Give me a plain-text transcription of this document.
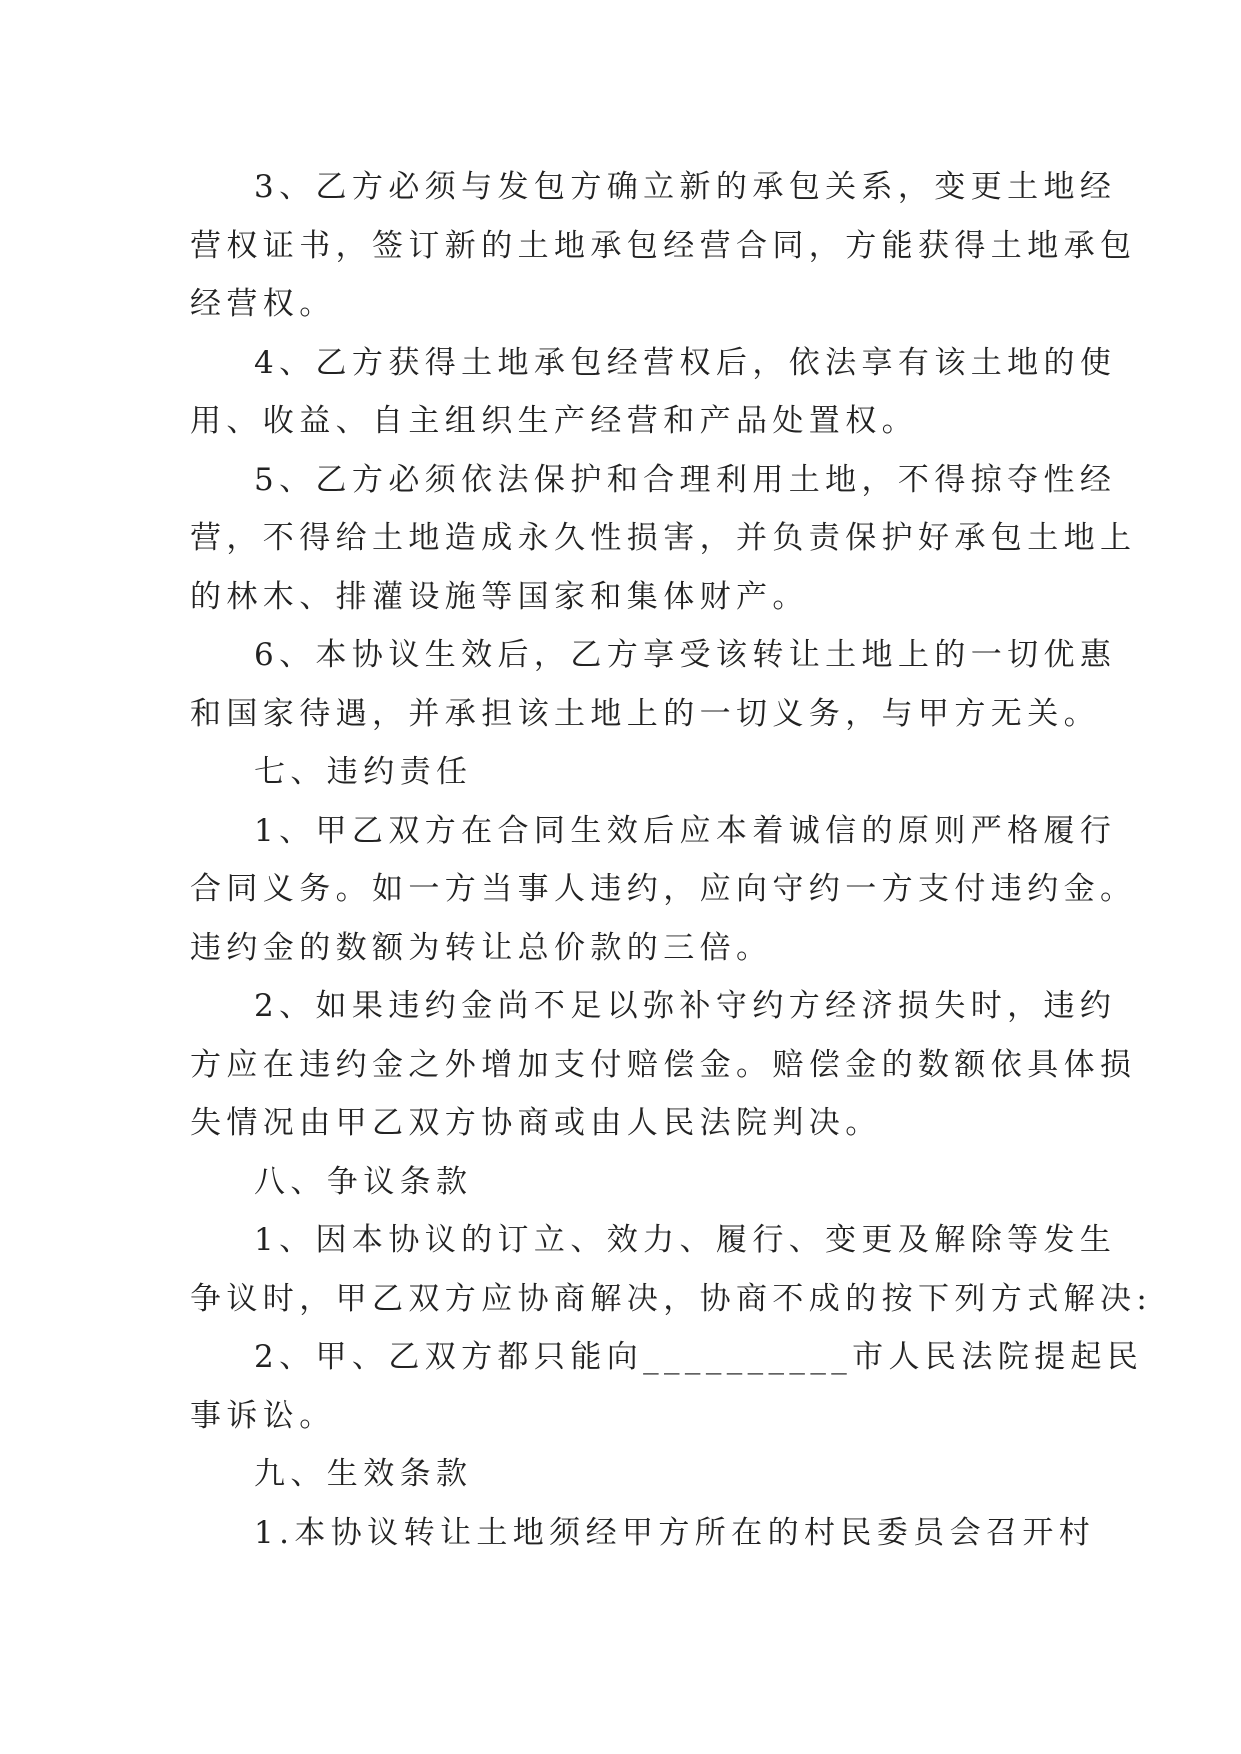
3、乙方必须与发包方确立新的承包关系，变更土地经
营权证书，签订新的土地承包经营合同，方能获得土地承包
经营权。
4、乙方获得土地承包经营权后，依法享有该土地的使
用、收益、自主组织生产经营和产品处置权。
5、乙方必须依法保护和合理利用土地，不得掠夺性经
营，不得给土地造成永久性损害，并负责保护好承包土地上
的林木、排灌设施等国家和集体财产。
6、本协议生效后，乙方享受该转让土地上的一切优惠
和国家待遇，并承担该土地上的一切义务，与甲方无关。
七、违约责任
1、甲乙双方在合同生效后应本着诚信的原则严格履行
合同义务。如一方当事人违约，应向守约一方支付违约金。
违约金的数额为转让总价款的三倍。
2、如果违约金尚不足以弥补守约方经济损失时，违约
方应在违约金之外增加支付赔偿金。赔偿金的数额依具体损
失情况由甲乙双方协商或由人民法院判决。
八、争议条款
1、因本协议的订立、效力、履行、变更及解除等发生
争议时，甲乙双方应协商解决，协商不成的按下列方式解决:
2、甲、乙双方都只能向__________市人民法院提起民
事诉讼。
九、生效条款
1.本协议转让土地须经甲方所在的村民委员会召开村
